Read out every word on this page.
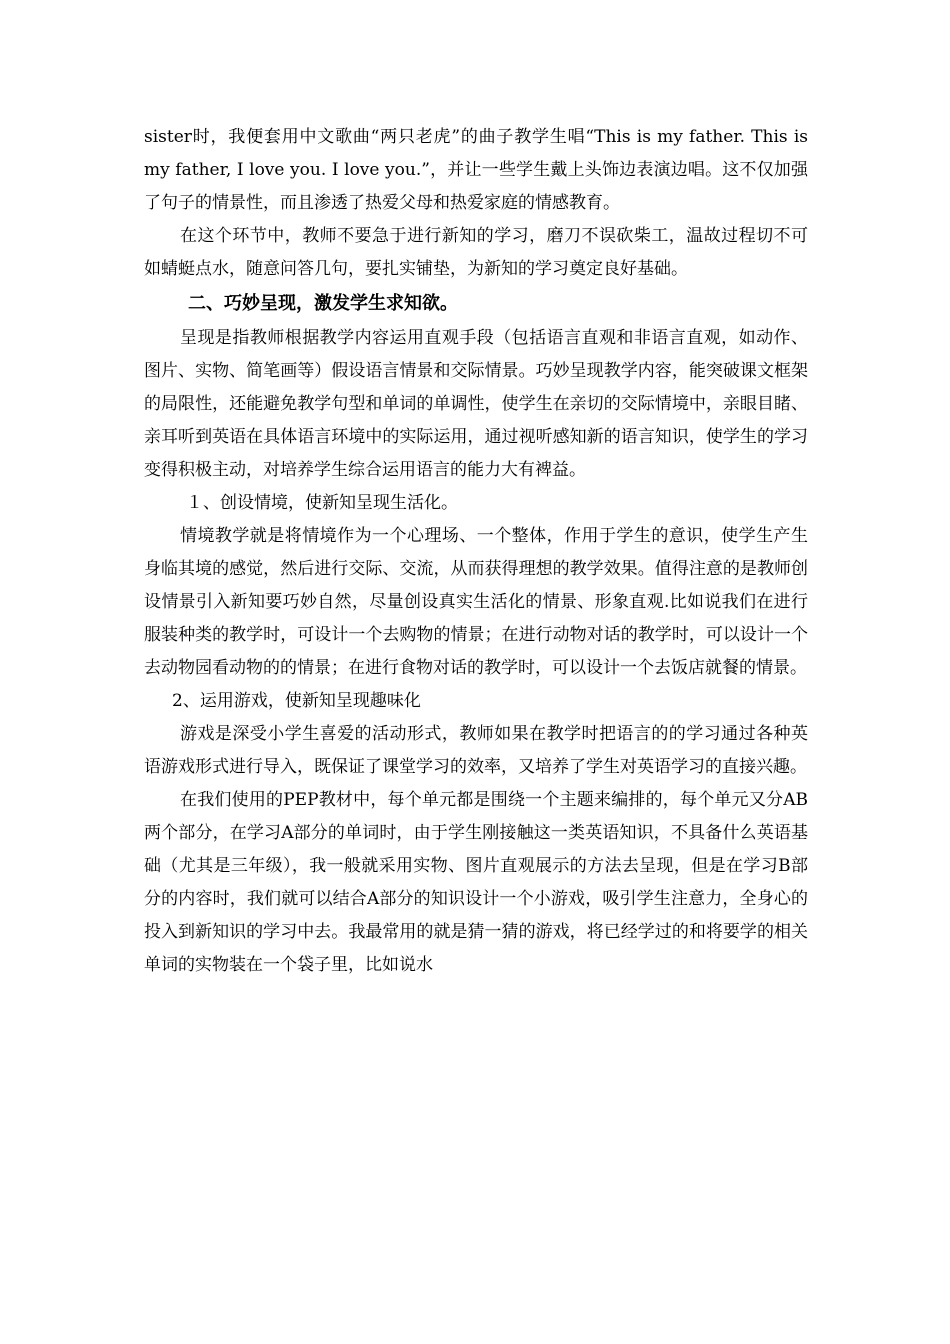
sister时，我便套用中文歌曲“两只老虎”的曲子教学生唱“This is my father. This is my father, I love you. I love you.”，并让一些学生戴上头饰边表演边唱。这不仅加强了句子的情景性，而且渗透了热爱父母和热爱家庭的情感教育。

在这个环节中，教师不要急于进行新知的学习，磨刀不误砍柴工，温故过程切不可如蜻蜓点水，随意问答几句，要扎实铺垫，为新知的学习奠定良好基础。

二、巧妙呈现，激发学生求知欲。

呈现是指教师根据教学内容运用直观手段（包括语言直观和非语言直观，如动作、图片、实物、简笔画等）假设语言情景和交际情景。巧妙呈现教学内容，能突破课文框架的局限性，还能避免教学句型和单词的单调性，使学生在亲切的交际情境中，亲眼目睹、亲耳听到英语在具体语言环境中的实际运用，通过视听感知新的语言知识，使学生的学习变得积极主动，对培养学生综合运用语言的能力大有裨益。

１、创设情境，使新知呈现生活化。

情境教学就是将情境作为一个心理场、一个整体，作用于学生的意识，使学生产生身临其境的感觉，然后进行交际、交流，从而获得理想的教学效果。值得注意的是教师创设情景引入新知要巧妙自然，尽量创设真实生活化的情景、形象直观.比如说我们在进行服装种类的教学时，可设计一个去购物的情景；在进行动物对话的教学时，可以设计一个去动物园看动物的的情景；在进行食物对话的教学时，可以设计一个去饭店就餐的情景。

2、运用游戏，使新知呈现趣味化

游戏是深受小学生喜爱的活动形式，教师如果在教学时把语言的的学习通过各种英语游戏形式进行导入，既保证了课堂学习的效率，又培养了学生对英语学习的直接兴趣。

在我们使用的PEP教材中，每个单元都是围绕一个主题来编排的，每个单元又分AB两个部分，在学习A部分的单词时，由于学生刚接触这一类英语知识，不具备什么英语基础（尤其是三年级），我一般就采用实物、图片直观展示的方法去呈现，但是在学习B部分的内容时，我们就可以结合A部分的知识设计一个小游戏，吸引学生注意力，全身心的投入到新知识的学习中去。我最常用的就是猜一猜的游戏，将已经学过的和将要学的相关单词的实物装在一个袋子里，比如说水
